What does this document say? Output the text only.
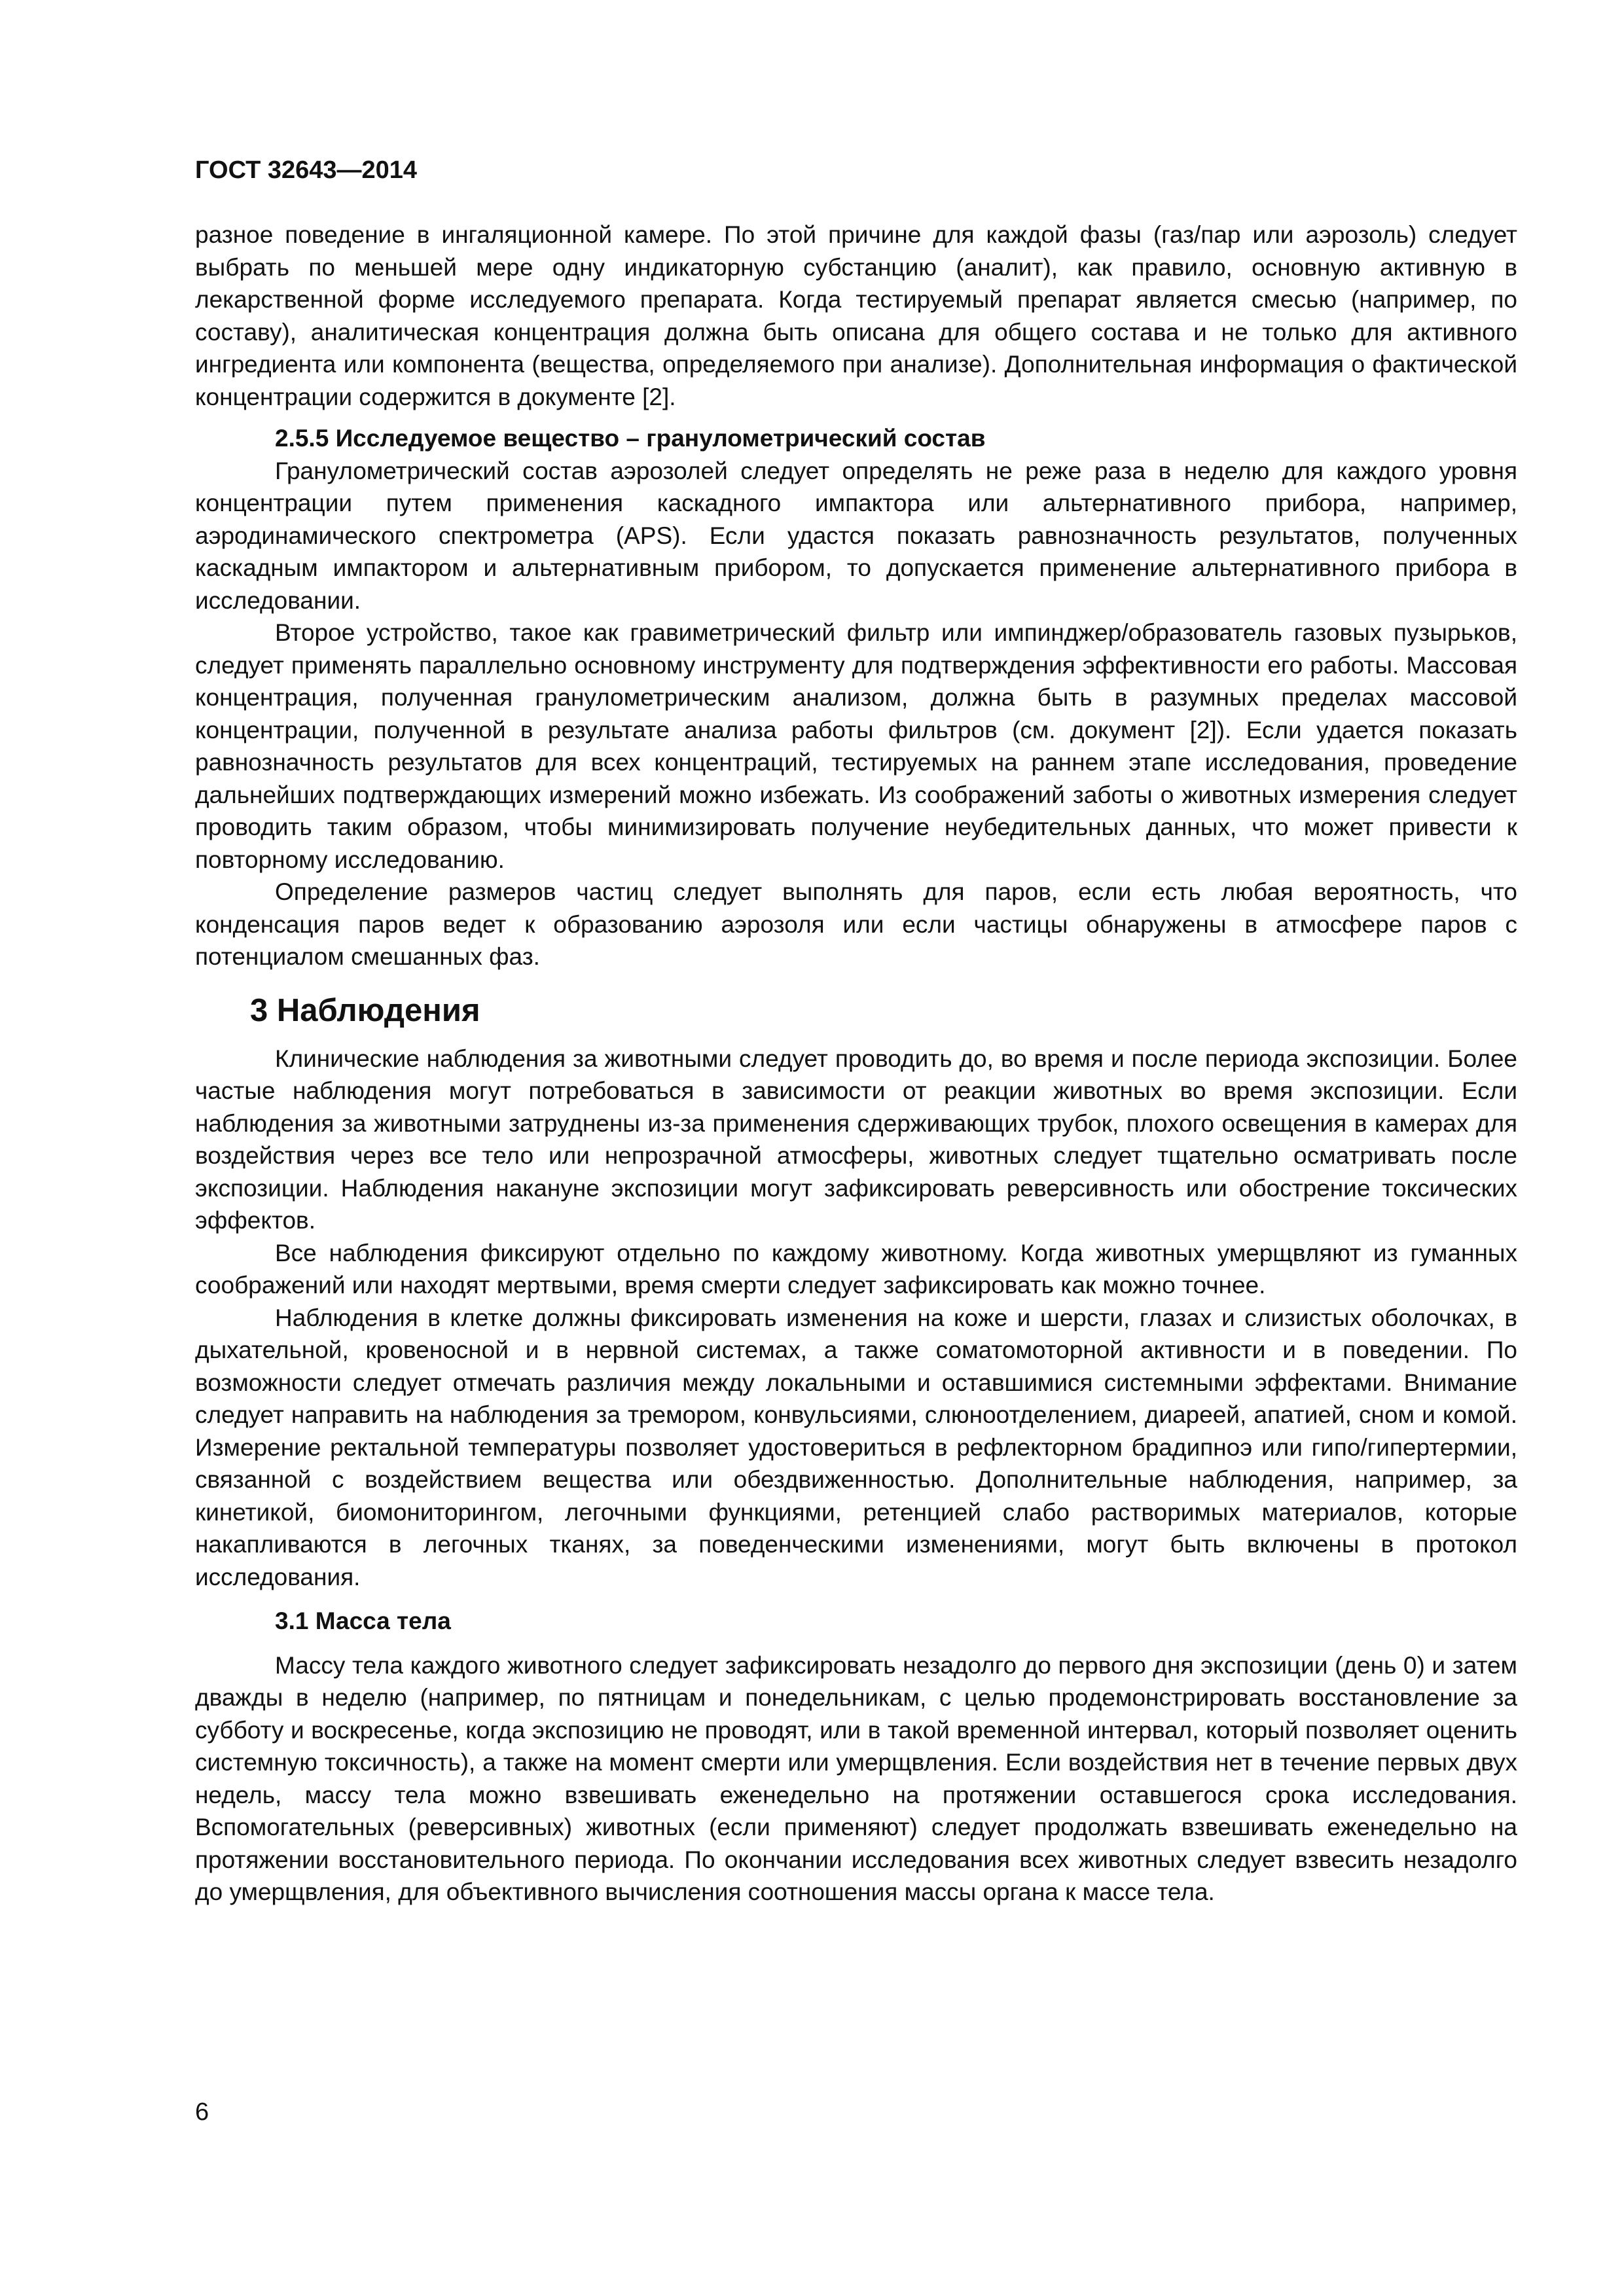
ГОСТ 32643—2014

разное поведение в ингаляционной камере. По этой причине для каждой фазы (газ/пар или аэрозоль) следует выбрать по меньшей мере одну индикаторную субстанцию (аналит), как правило, основную активную в лекарственной форме исследуемого препарата. Когда тестируемый препарат является смесью (например, по составу), аналитическая концентрация должна быть описана для общего состава и не только для активного ингредиента или компонента (вещества, определяемого при анализе). Дополнительная информация о фактической концентрации содержится в документе [2].

2.5.5 Исследуемое вещество – гранулометрический состав

Гранулометрический состав аэрозолей следует определять не реже раза в неделю для каждого уровня концентрации путем применения каскадного импактора или альтернативного прибора, например, аэродинамического спектрометра (APS). Если удастся показать равнозначность результатов, полученных каскадным импактором и альтернативным прибором, то допускается применение альтернативного прибора в исследовании.

Второе устройство, такое как гравиметрический фильтр или импинджер/образователь газовых пузырьков, следует применять параллельно основному инструменту для подтверждения эффективности его работы. Массовая концентрация, полученная гранулометрическим анализом, должна быть в разумных пределах массовой концентрации, полученной в результате анализа работы фильтров (см. документ [2]). Если удается показать равнозначность результатов для всех концентраций, тестируемых на раннем этапе исследования, проведение дальнейших подтверждающих измерений можно избежать. Из соображений заботы о животных измерения следует проводить таким образом, чтобы минимизировать получение неубедительных данных, что может привести к повторному исследованию.

Определение размеров частиц следует выполнять для паров, если есть любая вероятность, что конденсация паров ведет к образованию аэрозоля или если частицы обнаружены в атмосфере паров с потенциалом смешанных фаз.

3 Наблюдения

Клинические наблюдения за животными следует проводить до, во время и после периода экспозиции. Более частые наблюдения могут потребоваться в зависимости от реакции животных во время экспозиции. Если наблюдения за животными затруднены из-за применения сдерживающих трубок, плохого освещения в камерах для воздействия через все тело или непрозрачной атмосферы, животных следует тщательно осматривать после экспозиции. Наблюдения накануне экспозиции могут зафиксировать реверсивность или обострение токсических эффектов.

Все наблюдения фиксируют отдельно по каждому животному. Когда животных умерщвляют из гуманных соображений или находят мертвыми, время смерти следует зафиксировать как можно точнее.

Наблюдения в клетке должны фиксировать изменения на коже и шерсти, глазах и слизистых оболочках, в дыхательной, кровеносной и в нервной системах, а также соматомоторной активности и в поведении. По возможности следует отмечать различия между локальными и оставшимися системными эффектами. Внимание следует направить на наблюдения за тремором, конвульсиями, слюноотделением, диареей, апатией, сном и комой. Измерение ректальной температуры позволяет удостовериться в рефлекторном брадипноэ или гипо/гипертермии, связанной с воздействием вещества или обездвиженностью. Дополнительные наблюдения, например, за кинетикой, биомониторингом, легочными функциями, ретенцией слабо растворимых материалов, которые накапливаются в легочных тканях, за поведенческими изменениями, могут быть включены в протокол исследования.

3.1 Масса тела

Массу тела каждого животного следует зафиксировать незадолго до первого дня экспозиции (день 0) и затем дважды в неделю (например, по пятницам и понедельникам, с целью продемонстрировать восстановление за субботу и воскресенье, когда экспозицию не проводят, или в такой временной интервал, который позволяет оценить системную токсичность), а также на момент смерти или умерщвления. Если воздействия нет в течение первых двух недель, массу тела можно взвешивать еженедельно на протяжении оставшегося срока исследования. Вспомогательных (реверсивных) животных (если применяют) следует продолжать взвешивать еженедельно на протяжении восстановительного периода. По окончании исследования всех животных следует взвесить незадолго до умерщвления, для объективного вычисления соотношения массы органа к массе тела.

6
